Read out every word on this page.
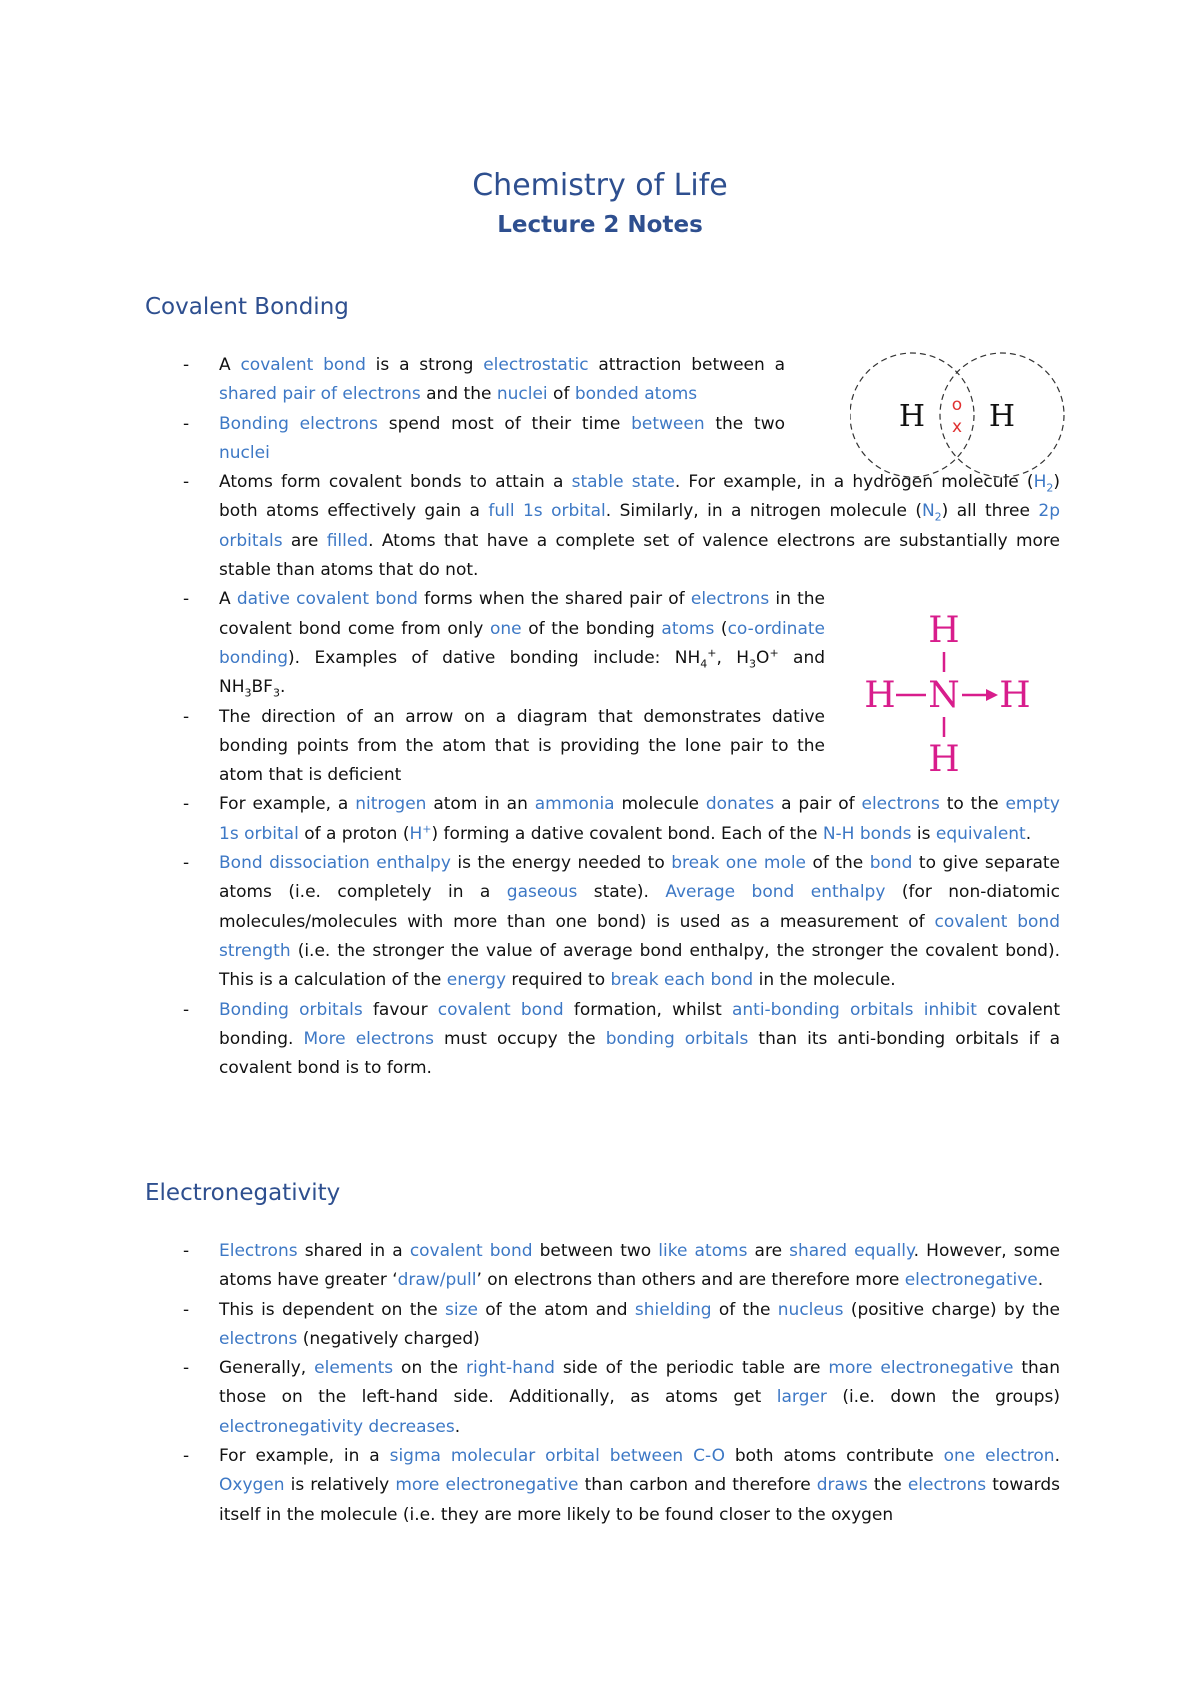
Chemistry of Life
Lecture 2 Notes
Covalent Bonding
- A covalent bond is a strong electrostatic attraction between a shared pair of electrons and the nuclei of bonded atoms
- Bonding electrons spend most of their time between the two nuclei
- Atoms form covalent bonds to attain a stable state. For example, in a hydrogen molecule $(H_2)$ both atoms effectively gain a full 1s orbital. Similarly, in a nitrogen molecule $(N_2)$ all three 2p orbitals are filled. Atoms that have a complete set of valence electrons are substantially more stable than atoms that do not.
- A dative covalent bond forms when the shared pair of electrons in the covalent bond come from only one of the bonding atoms (co-ordinate bonding). Examples of dative bonding include: $NH_4^+$, $H_3O^+$ and $NH_3BF_3$.
- The direction of an arrow on a diagram that demonstrates dative bonding points from the atom that is providing the lone pair to the atom that is deficient
- For example, a nitrogen atom in an ammonia molecule donates a pair of electrons to the empty 1s orbital of a proton (H+) forming a dative covalent bond. Each of the N-H bonds is equivalent.
- Bond dissociation enthalpy is the energy needed to break one mole of the bond to give separate atoms (i.e. completely in a gaseous state). Average bond enthalpy (for non-diatomic molecules/molecules with more than one bond) is used as a measurement of covalent bond strength (i.e. the stronger the value of average bond enthalpy, the stronger the covalent bond). This is a calculation of the energy required to break each bond in the molecule.
- Bonding orbitals favour covalent bond formation, whilst anti-bonding orbitals inhibit covalent bonding. More electrons must occupy the bonding orbitals than its anti-bonding orbitals if a covalent bond is to form.
Electronegativity
- Electrons shared in a covalent bond between two like atoms are shared equally. However, some atoms have greater ‘draw/pull’ on electrons than others and are therefore more electronegative.
- This is dependent on the size of the atom and shielding of the nucleus (positive charge) by the electrons (negatively charged)
- Generally, elements on the right-hand side of the periodic table are more electronegative than those on the left-hand side. Additionally, as atoms get larger (i.e. down the groups) electronegativity decreases.
- For example, in a sigma molecular orbital between C-O both atoms contribute one electron. Oxygen is relatively more electronegative than carbon and therefore draws the electrons towards itself in the molecule (i.e. they are more likely to be found closer to the oxygen
H H
o
x
H
H N H
H
